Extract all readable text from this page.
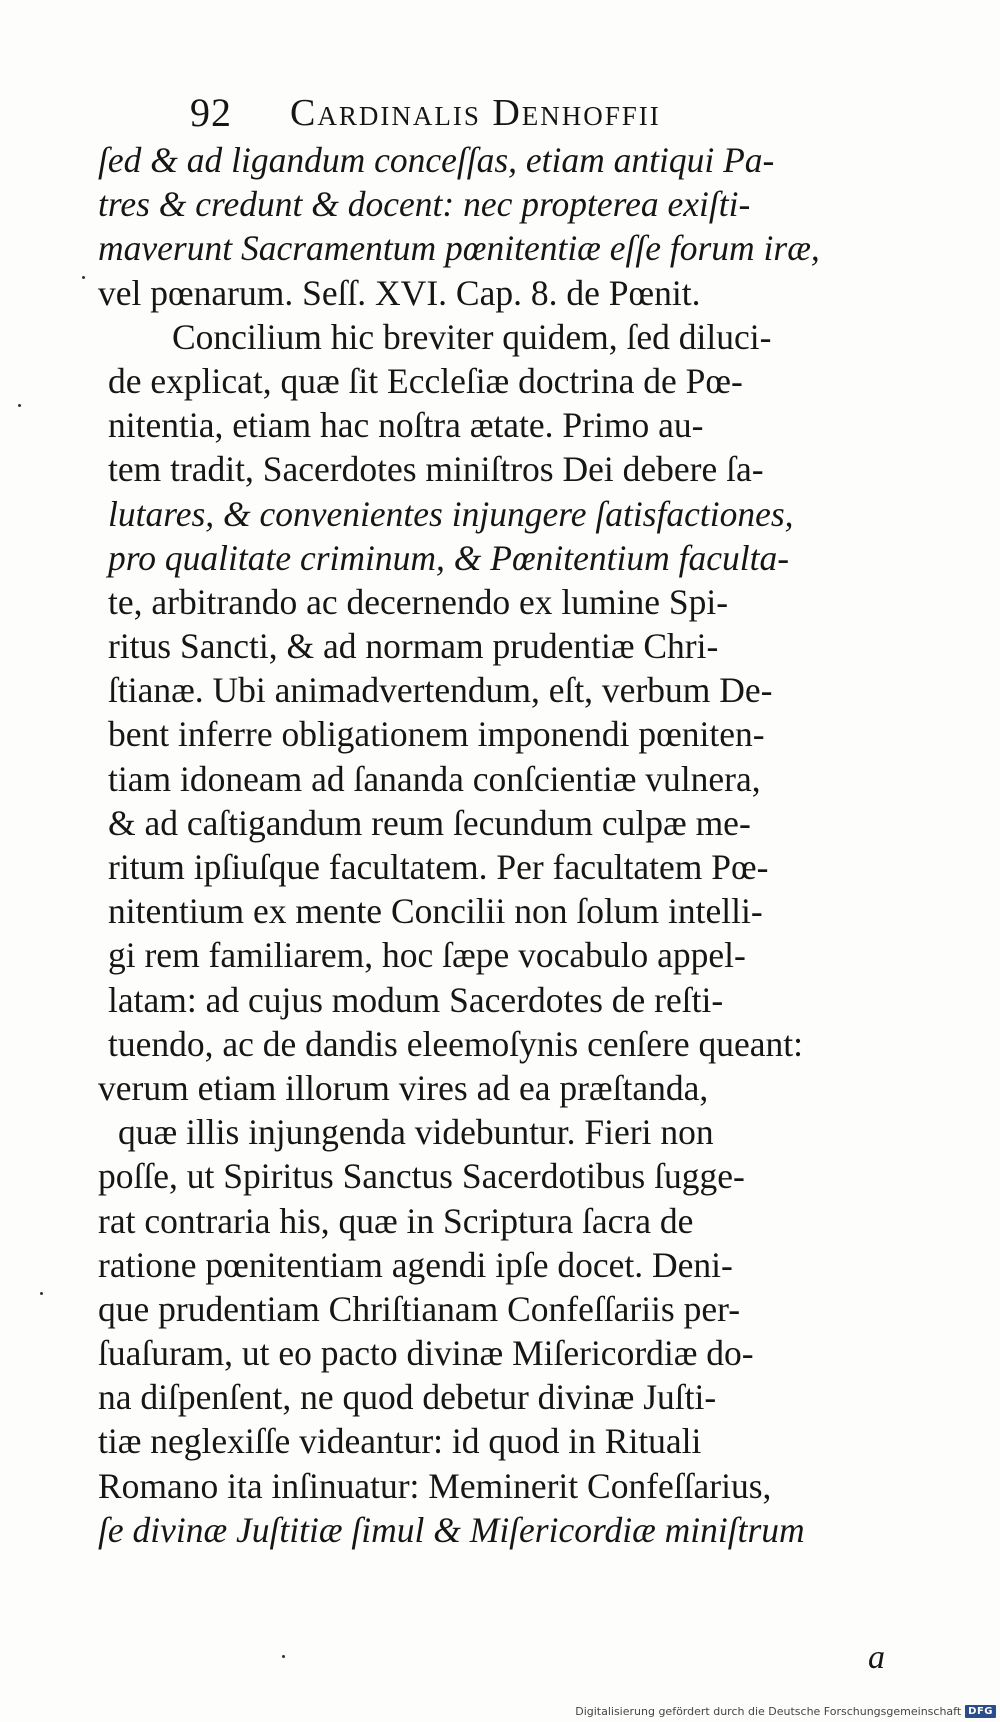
92 Cardinalis Denhoffii
ſed & ad ligandum conceſſas, etiam antiqui Pa-
tres & credunt & docent: nec propterea exiſti-
maverunt Sacramentum pœnitentiæ eſſe forum iræ,
vel pœnarum. Seſſ. XVI. Cap. 8. de Pœnit.
Concilium hic breviter quidem, ſed diluci-
de explicat, quæ ſit Eccleſiæ doctrina de Pœ-
nitentia, etiam hac noſtra ætate. Primo au-
tem tradit, Sacerdotes miniſtros Dei debere ſa-
lutares, & convenientes injungere ſatisfactiones,
pro qualitate criminum, & Pœnitentium faculta-
te, arbitrando ac decernendo ex lumine Spi-
ritus Sancti, & ad normam prudentiæ Chri-
ſtianæ. Ubi animadvertendum, eſt, verbum De-
bent inferre obligationem imponendi pœniten-
tiam idoneam ad ſananda conſcientiæ vulnera,
& ad caſtigandum reum ſecundum culpæ me-
ritum ipſiuſque facultatem. Per facultatem Pœ-
nitentium ex mente Concilii non ſolum intelli-
gi rem familiarem, hoc ſæpe vocabulo appel-
latam: ad cujus modum Sacerdotes de reſti-
tuendo, ac de dandis eleemoſynis cenſere queant:
verum etiam illorum vires ad ea præſtanda,
quæ illis injungenda videbuntur. Fieri non
poſſe, ut Spiritus Sanctus Sacerdotibus ſugge-
rat contraria his, quæ in Scriptura ſacra de
ratione pœnitentiam agendi ipſe docet. Deni-
que prudentiam Chriſtianam Confeſſariis per-
ſuaſuram, ut eo pacto divinæ Miſericordiæ do-
na diſpenſent, ne quod debetur divinæ Juſti-
tiæ neglexiſſe videantur: id quod in Rituali
Romano ita inſinuatur: Meminerit Confeſſarius,
ſe divinæ Juſtitiæ ſimul & Miſericordiæ miniſtrum
a
Digitalisierung gefördert durch die Deutsche Forschungsgemeinschaft DFG
